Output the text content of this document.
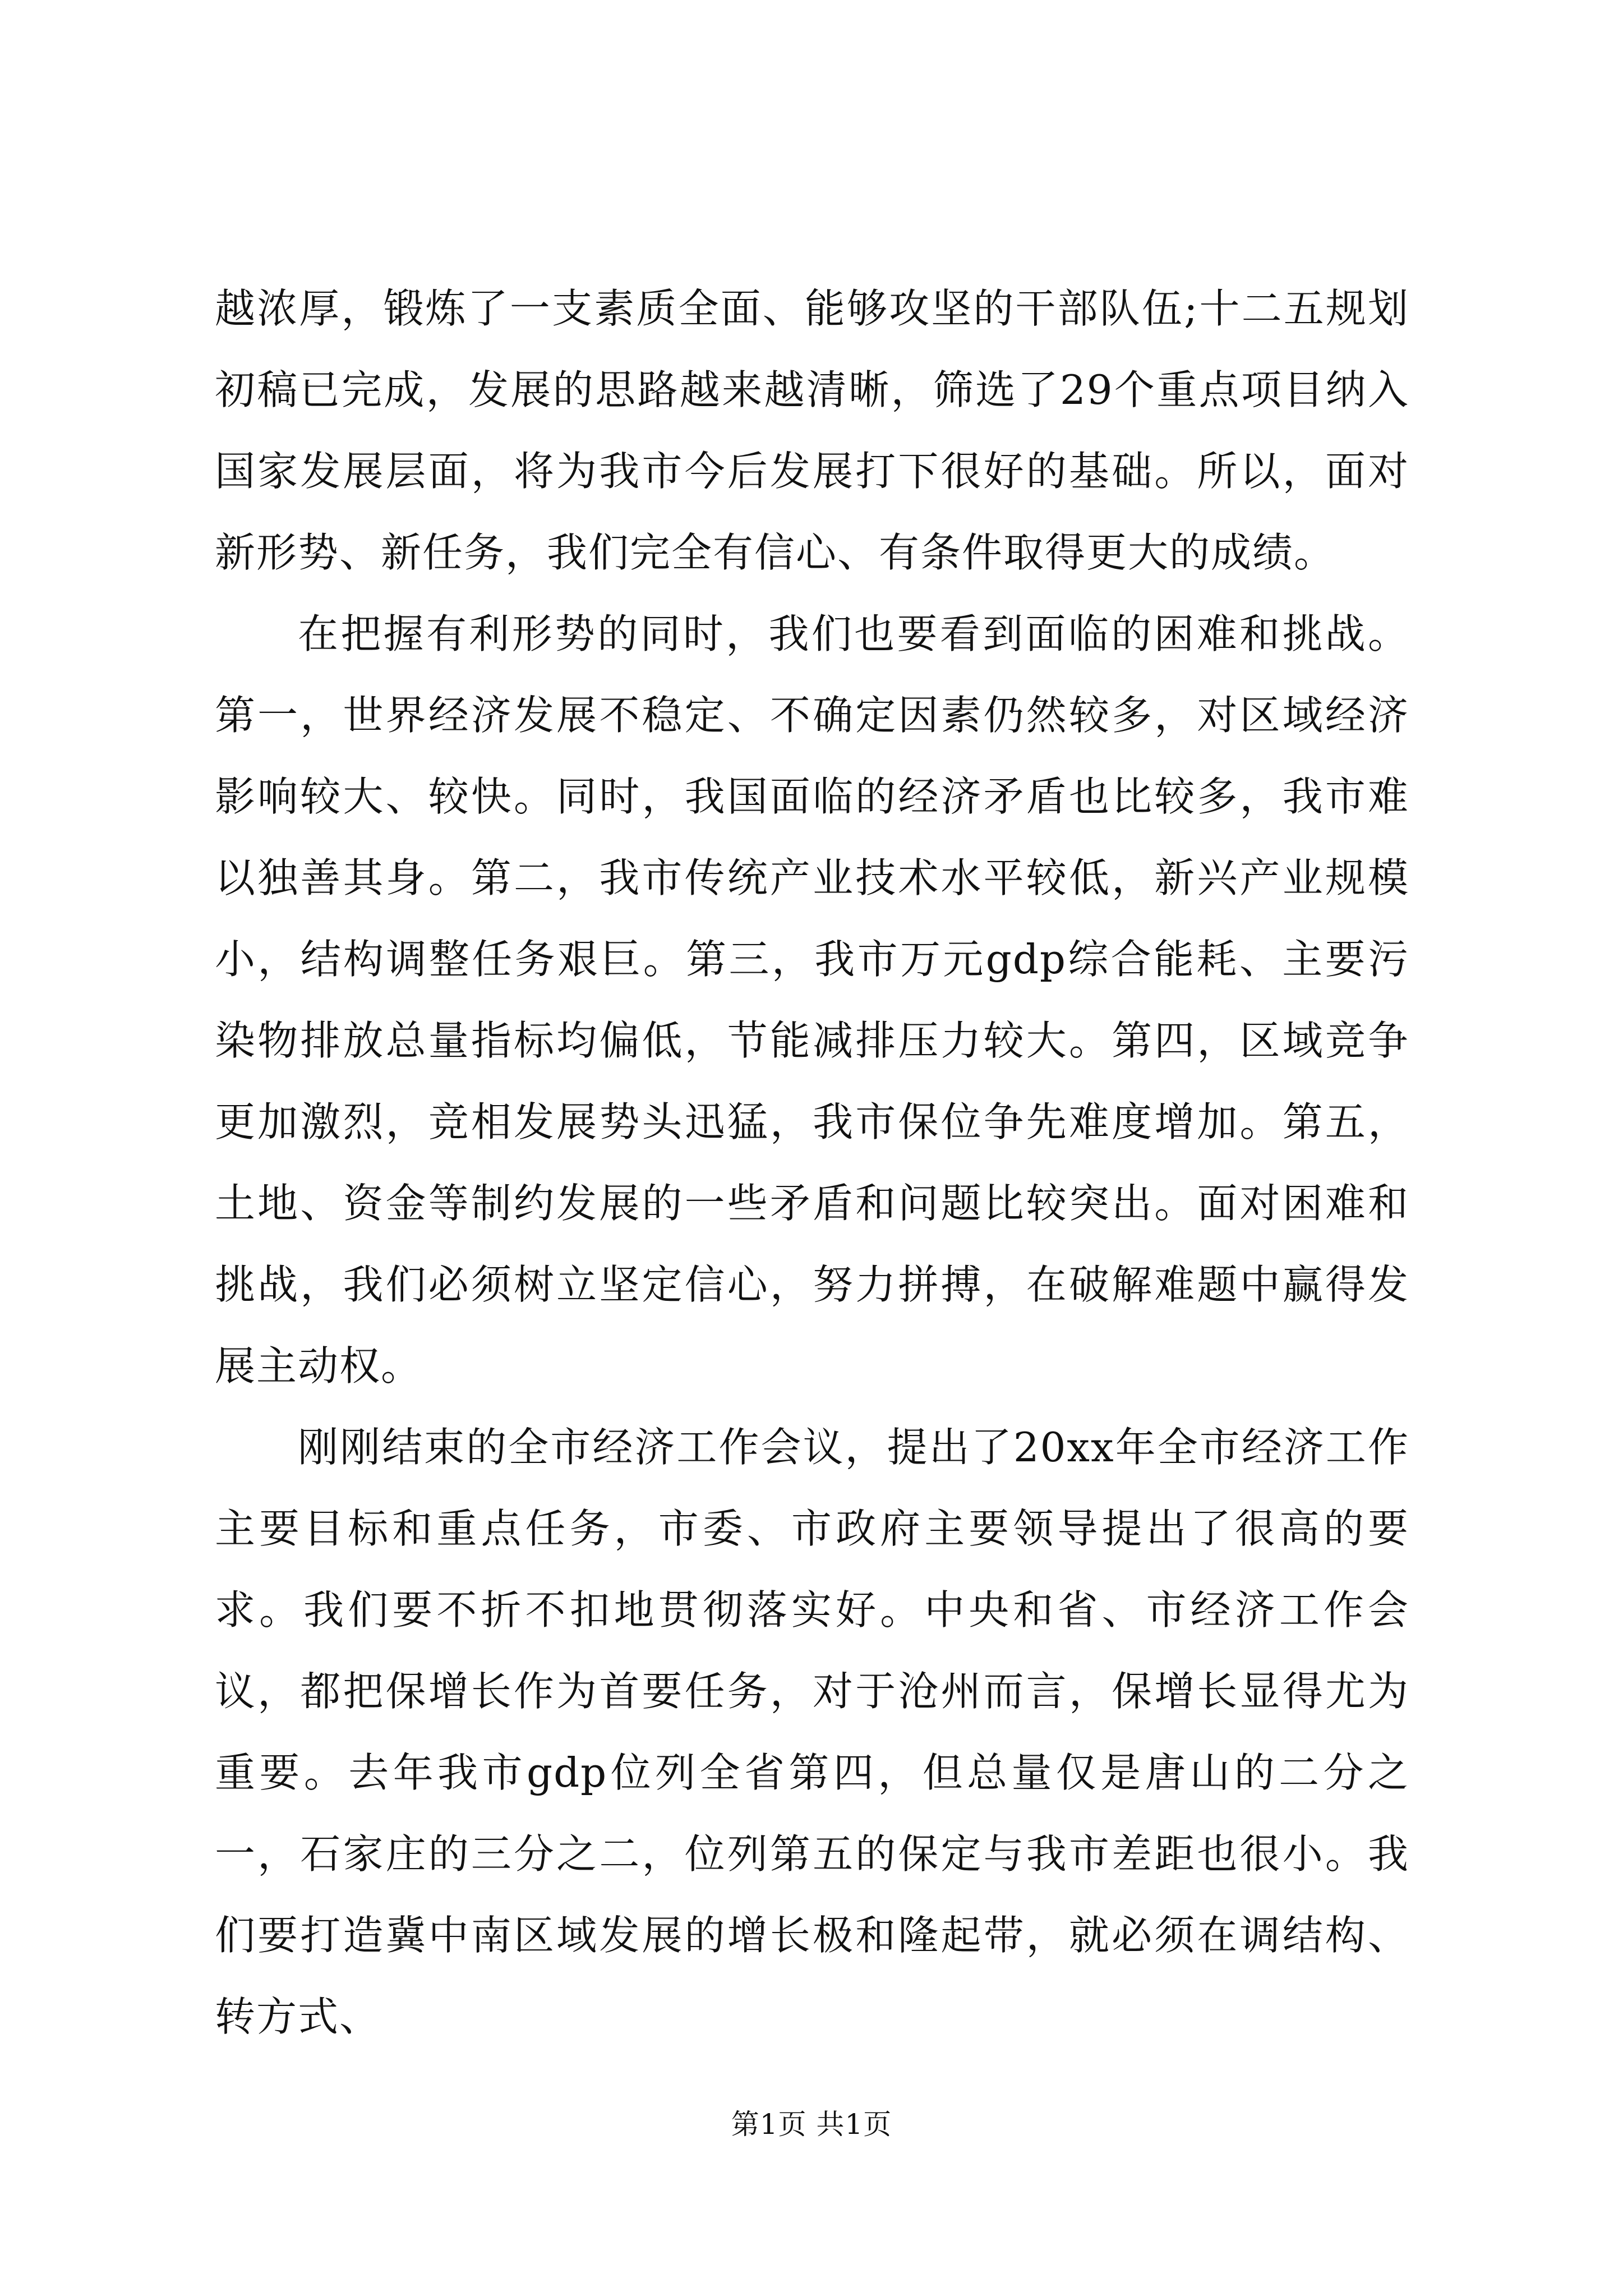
越浓厚，锻炼了一支素质全面、能够攻坚的干部队伍;十二五规划初稿已完成，发展的思路越来越清晰，筛选了29个重点项目纳入国家发展层面，将为我市今后发展打下很好的基础。所以，面对新形势、新任务，我们完全有信心、有条件取得更大的成绩。

在把握有利形势的同时，我们也要看到面临的困难和挑战。第一，世界经济发展不稳定、不确定因素仍然较多，对区域经济影响较大、较快。同时，我国面临的经济矛盾也比较多，我市难以独善其身。第二，我市传统产业技术水平较低，新兴产业规模小，结构调整任务艰巨。第三，我市万元gdp综合能耗、主要污染物排放总量指标均偏低，节能减排压力较大。第四，区域竞争更加激烈，竞相发展势头迅猛，我市保位争先难度增加。第五，土地、资金等制约发展的一些矛盾和问题比较突出。面对困难和挑战，我们必须树立坚定信心，努力拼搏，在破解难题中赢得发展主动权。

刚刚结束的全市经济工作会议，提出了20xx年全市经济工作主要目标和重点任务，市委、市政府主要领导提出了很高的要求。我们要不折不扣地贯彻落实好。中央和省、市经济工作会议，都把保增长作为首要任务，对于沧州而言，保增长显得尤为重要。去年我市gdp位列全省第四，但总量仅是唐山的二分之一，石家庄的三分之二，位列第五的保定与我市差距也很小。我们要打造冀中南区域发展的增长极和隆起带，就必须在调结构、转方式、

第1页 共1页
